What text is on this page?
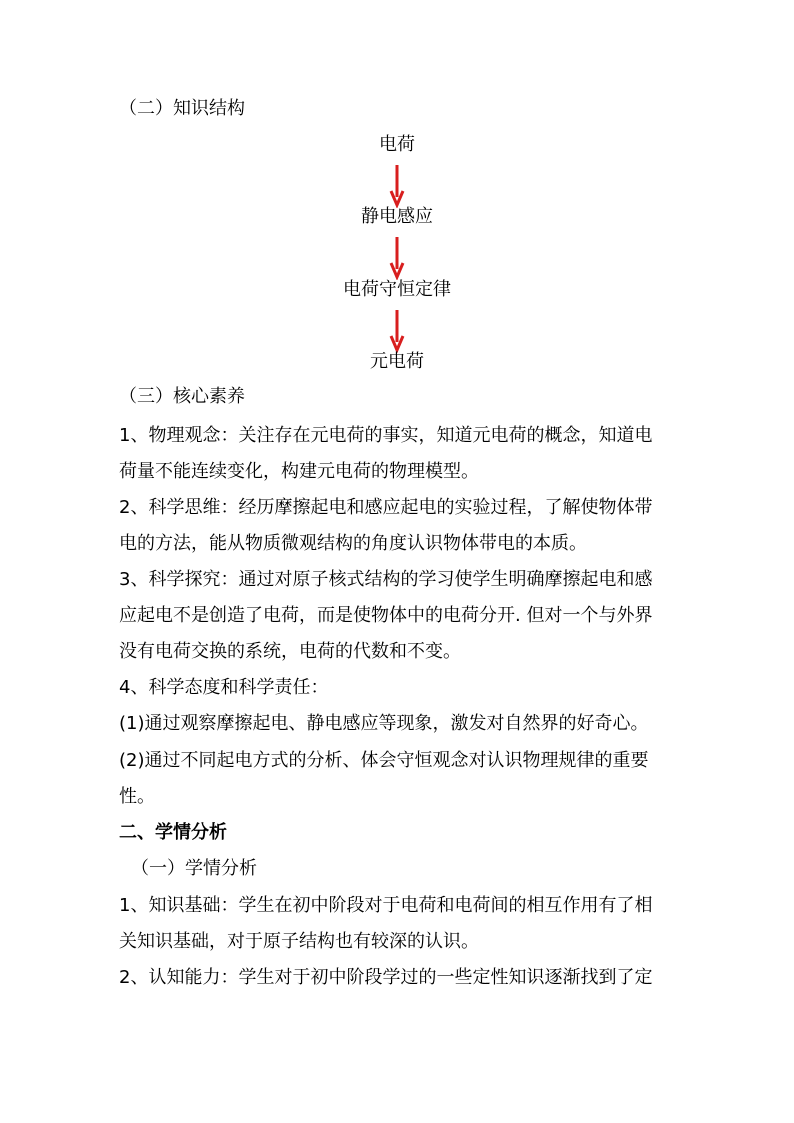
（二）知识结构
电荷
静电感应
电荷守恒定律
元电荷
（三）核心素养
1、物理观念：关注存在元电荷的事实，知道元电荷的概念，知道电
荷量不能连续变化，构建元电荷的物理模型。
2、科学思维：经历摩擦起电和感应起电的实验过程，了解使物体带
电的方法，能从物质微观结构的角度认识物体带电的本质。
3、科学探究：通过对原子核式结构的学习使学生明确摩擦起电和感
没有电荷交换的系统，电荷的代数和不变。
4、科学态度和科学责任：
(1)通过观察摩擦起电、静电感应等现象，激发对自然界的好奇心。
(2)通过不同起电方式的分析、体会守恒观念对认识物理规律的重要
性。
二、学情分析
（一）学情分析
1、知识基础：学生在初中阶段对于电荷和电荷间的相互作用有了相
关知识基础，对于原子结构也有较深的认识。
2、认知能力：学生对于初中阶段学过的一些定性知识逐渐找到了定
应起电不是创造了电荷，而是使物体中的电荷分开. 但对一个与外界
